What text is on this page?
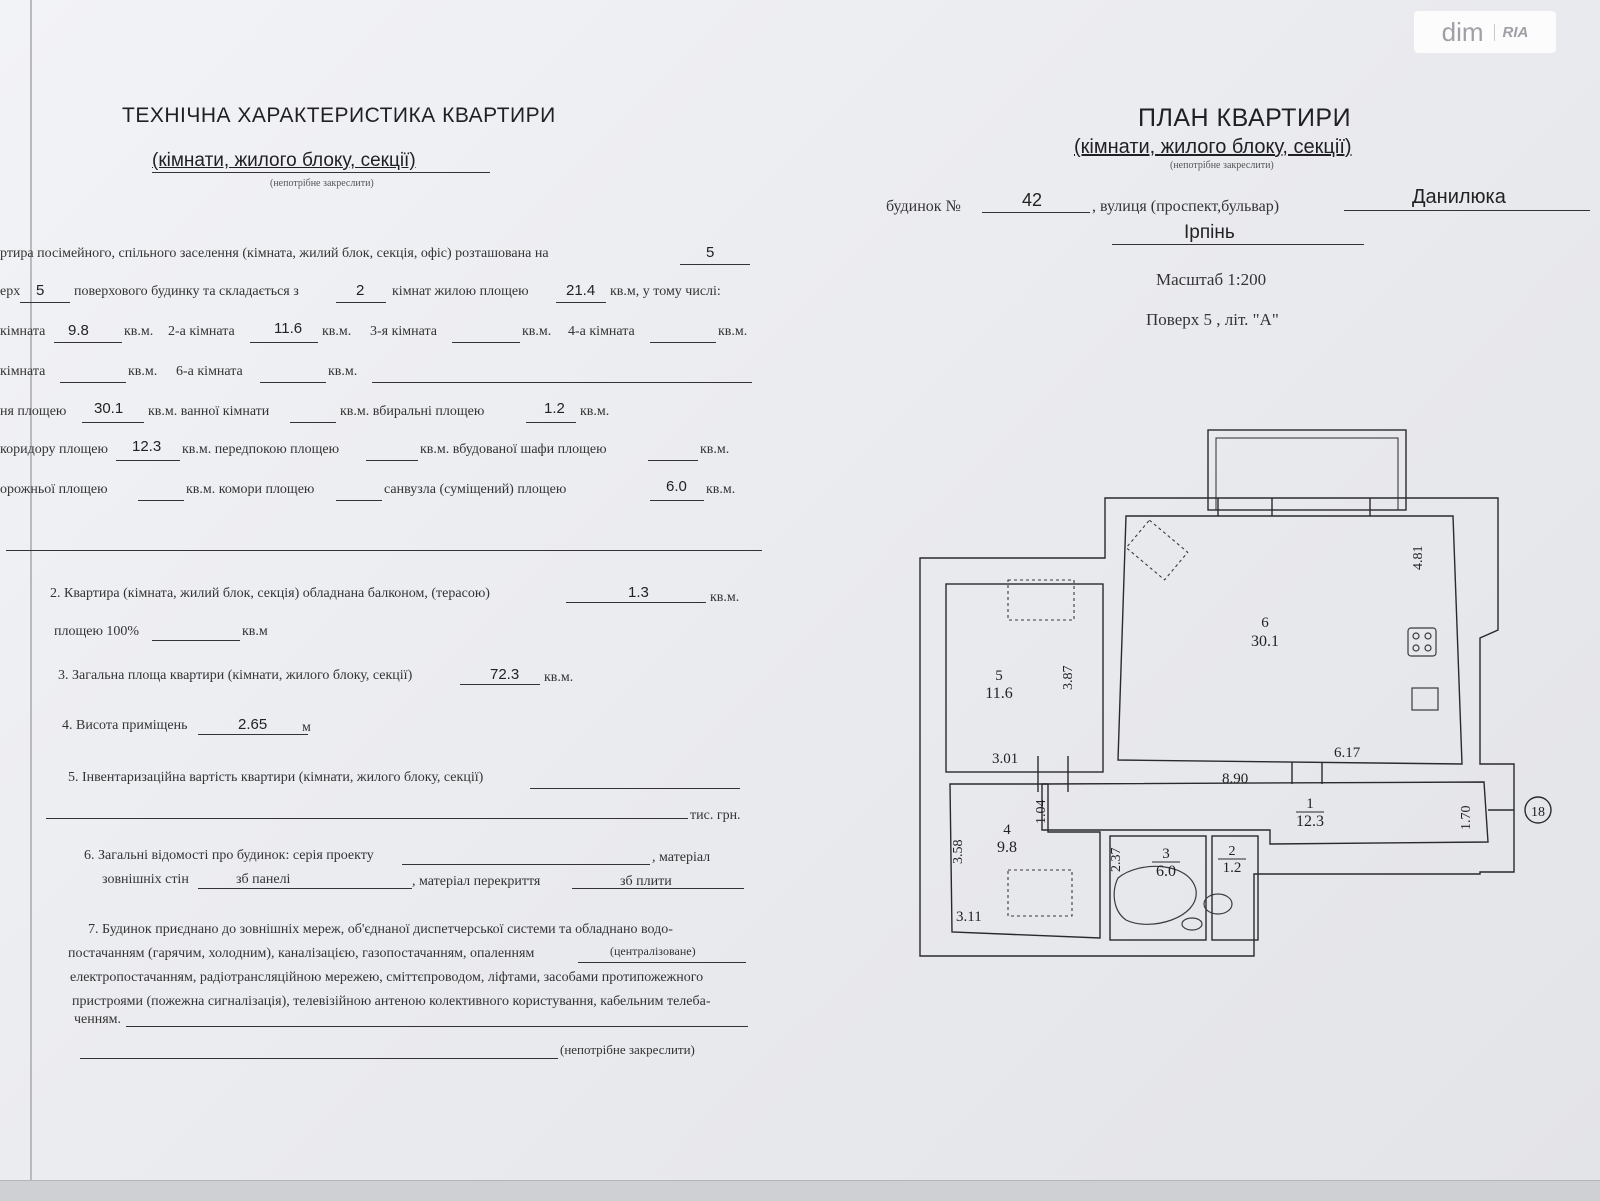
dim	RIA
ТЕХНІЧНА ХАРАКТЕРИСТИКА КВАРТИРИ
(кімнати, жилого блоку, секції)
(непотрібне закреслити)
ртира посімейного, спільного заселення (кімната, жилий блок, секція, офіс) розташована на	5
ерх 5 поверхового будинку та складається з	2 кімнат жилою площею 21.4 кв.м, у тому числі:
кімната 9.8	кв.м. 2-а кімната	11.6 кв.м. 3-я кімната	кв.м. 4-а кімната	кв.м.
кімната	кв.м. 6-а кімната	кв.м.
ня площею 30.1 кв.м. ванної кімнати	кв.м. вбиральні площею	1.2 кв.м.
коридору площею 12.3 кв.м. передпокою площею	кв.м. вбудованої шафи площею	кв.м.
орожньої площею	кв.м. комори площею	санвузла (суміщений) площею	6.0 кв.м.
2. Квартира (кімната, жилий блок, секція) обладнана балконом, (терасою)	1.3	кв.м.
площею 100%	кв.м
3. Загальна площа квартири (кімнати, жилого блоку, секції)	72.3 кв.м.
4. Висота приміщень	2.65 м
5. Інвентаризаційна вартість квартири (кімнати, жилого блоку, секції)
тис. грн.
6. Загальні відомості про будинок: серія проекту	, матеріал
зовнішніх стін	зб панелі	, матеріал перекриття	зб плити
7. Будинок приєднано до зовнішніх мереж, об'єднаної диспетчерської системи та обладнано водо-
постачанням (гарячим, холодним), каналізацією, газопостачанням, опаленням	(централізоване)
електропостачанням, радіотрансляційною мережею, сміттєпроводом, ліфтами, засобами протипожежного
пристроями (пожежна сигналізація), телевізійною антеною колективного користування, кабельним телеба-
ченням.
(непотрібне закреслити)
ПЛАН КВАРТИРИ
(кімнати, жилого блоку, секції)
(непотрібне закреслити)
будинок №	42	, вулиця (проспект,бульвар)	Данилюка
Ірпінь
Масштаб 1:200
Поверх 5 , літ. "А"
6
30.1
4.81
6.17
5
11.6
3.87
3.01
8.90
1.04	1
12.3	1.70	18
4
9.8
3.58
3.11
2.37	3
6.0
2
1.2
